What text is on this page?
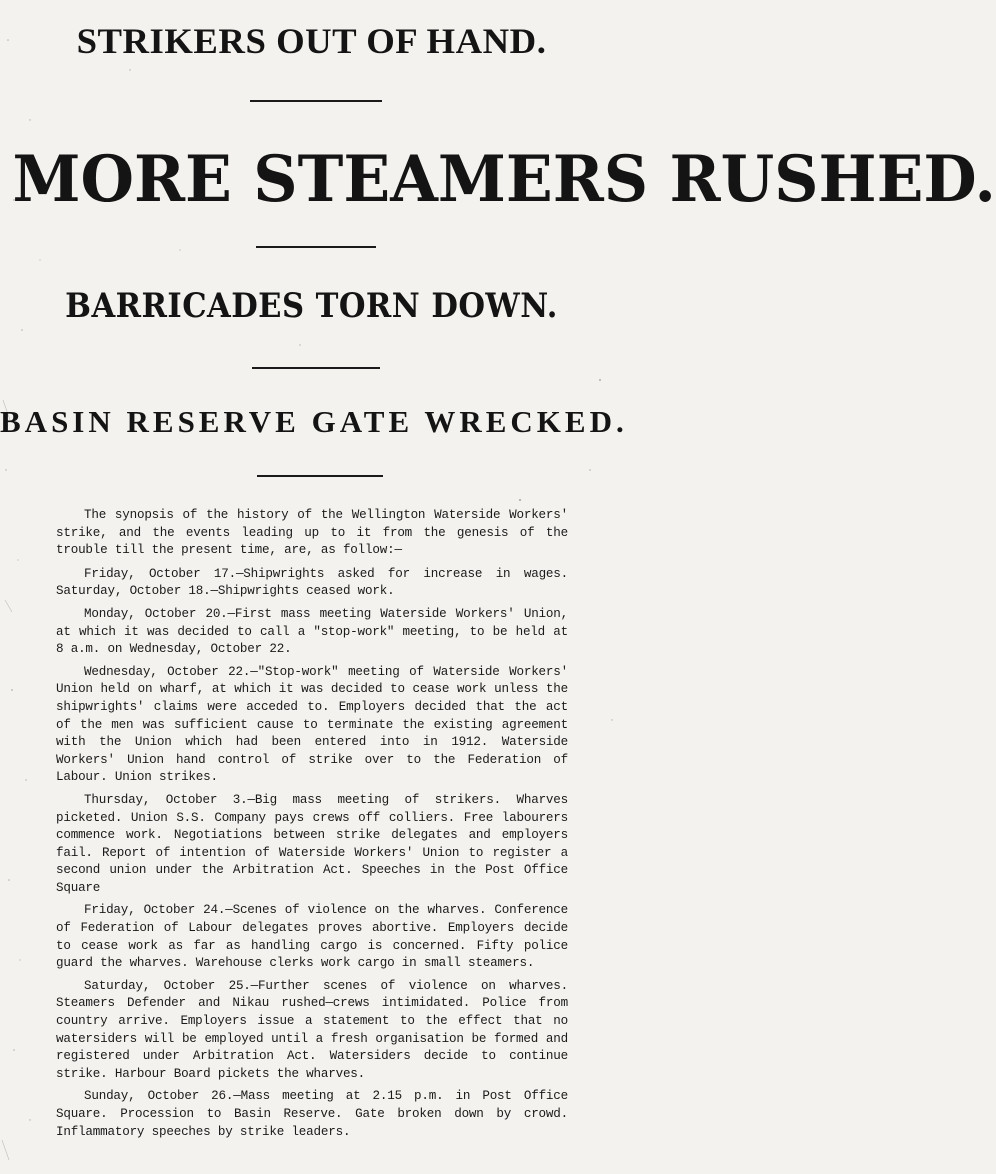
STRIKERS OUT OF HAND.
MORE STEAMERS RUSHED.
BARRICADES TORN DOWN.
BASIN RESERVE GATE WRECKED.

The synopsis of the history of the Wellington Waterside Workers' strike, and the events leading up to it from the genesis of the trouble till the present time, are, as follow:—

Friday, October 17.—Shipwrights asked for increase in wages. Saturday, October 18.—Shipwrights ceased work.

Monday, October 20.—First mass meeting Waterside Workers' Union, at which it was decided to call a "stop-work" meeting, to be held at 8 a.m. on Wednesday, October 22.

Wednesday, October 22.—"Stop-work" meeting of Waterside Workers' Union held on wharf, at which it was decided to cease work unless the shipwrights' claims were acceded to. Employers decided that the act of the men was sufficient cause to terminate the existing agreement with the Union which had been entered into in 1912. Waterside Workers' Union hand control of strike over to the Federation of Labour. Union strikes.

Thursday, October 3.—Big mass meeting of strikers. Wharves picketed. Union S.S. Company pays crews off colliers. Free labourers commence work. Negotiations between strike delegates and employers fail. Report of intention of Waterside Workers' Union to register a second union under the Arbitration Act. Speeches in the Post Office Square

Friday, October 24.—Scenes of violence on the wharves. Conference of Federation of Labour delegates proves abortive. Employers decide to cease work as far as handling cargo is concerned. Fifty police guard the wharves. Warehouse clerks work cargo in small steamers.

Saturday, October 25.—Further scenes of violence on wharves. Steamers Defender and Nikau rushed—crews intimidated. Police from country arrive. Employers issue a statement to the effect that no watersiders will be employed until a fresh organisation be formed and registered under Arbitration Act. Watersiders decide to continue strike. Harbour Board pickets the wharves.

Sunday, October 26.—Mass meeting at 2.15 p.m. in Post Office Square. Procession to Basin Reserve. Gate broken down by crowd. Inflammatory speeches by strike leaders.
